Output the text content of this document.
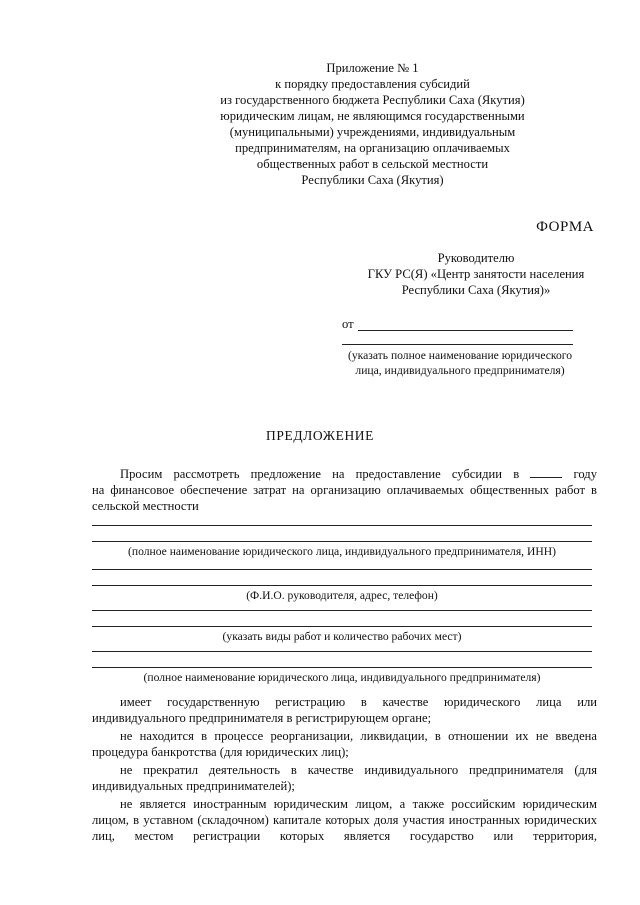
Приложение № 1
к порядку предоставления субсидий
из государственного бюджета Республики Саха (Якутия)
юридическим лицам, не являющимся государственными
(муниципальными) учреждениями, индивидуальным
предпринимателям, на организацию оплачиваемых
общественных работ в сельской местности
Республики Саха (Якутия)
ФОРМА
Руководителю
ГКУ РС(Я) «Центр занятости населения
Республики Саха (Якутия)»
от
(указать полное наименование юридического
лица, индивидуального предпринимателя)
ПРЕДЛОЖЕНИЕ
Просим рассмотреть предложение на предоставление субсидии в	году
на финансовое обеспечение затрат на организацию оплачиваемых общественных работ в сельской местности
(полное наименование юридического лица, индивидуального предпринимателя, ИНН)
(Ф.И.О. руководителя, адрес, телефон)
(указать виды работ и количество рабочих мест)
(полное наименование юридического лица, индивидуального предпринимателя)

имеет государственную регистрацию в качестве юридического лица или индивидуального предпринимателя в регистрирующем органе;

не находится в процессе реорганизации, ликвидации, в отношении их не введена процедура банкротства (для юридических лиц);

не прекратил деятельность в качестве индивидуального предпринимателя (для индивидуальных предпринимателей);

не является иностранным юридическим лицом, а также российским юридическим лицом, в уставном (складочном) капитале которых доля участия иностранных юридических лиц, местом регистрации которых является государство или территория,
